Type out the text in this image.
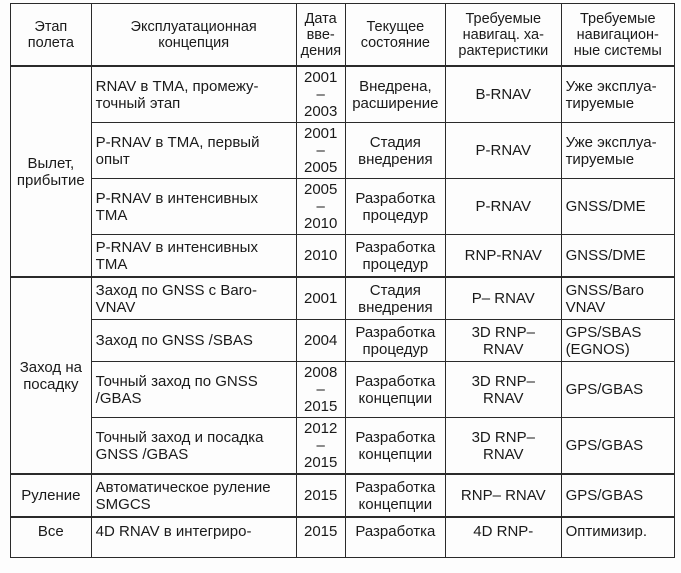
Этап полета	Эксплуатационная концепция	Дата вве-дения	Текущее состояние	Требуемые навигац. ха-рактеристики	Требуемые навигацион-ные системы
Вылет, прибытие	RNAV в ТМА, промежу-точный этап	2001 – 2003	Внедрена, расширение	B-RNAV	Уже эксплуа-тируемые
	P-RNAV в ТМА, первый опыт	2001 – 2005	Стадия внедрения	P-RNAV	Уже эксплуа-тируемые
	P-RNAV в интенсивных ТМА	2005 – 2010	Разработка процедур	P-RNAV	GNSS/DME
	P-RNAV в интенсивных ТМА	2010	Разработка процедур	RNP-RNAV	GNSS/DME
Заход на посадку	Заход по GNSS с Baro-VNAV	2001	Стадия внедрения	P– RNAV	GNSS/Baro VNAV
	Заход по GNSS /SBAS	2004	Разработка процедур	3D RNP– RNAV	GPS/SBAS (EGNOS)
	Точный заход по GNSS /GBAS	2008 – 2015	Разработка концепции	3D RNP– RNAV	GPS/GBAS
	Точный заход и посадка GNSS /GBAS	2012 – 2015	Разработка концепции	3D RNP– RNAV	GPS/GBAS
Руление	Автоматическое руление SMGCS	2015	Разработка концепции	RNP– RNAV	GPS/GBAS
Все	4D RNAV в интегриро-	2015	Разработка	4D RNP-	Оптимизир.
